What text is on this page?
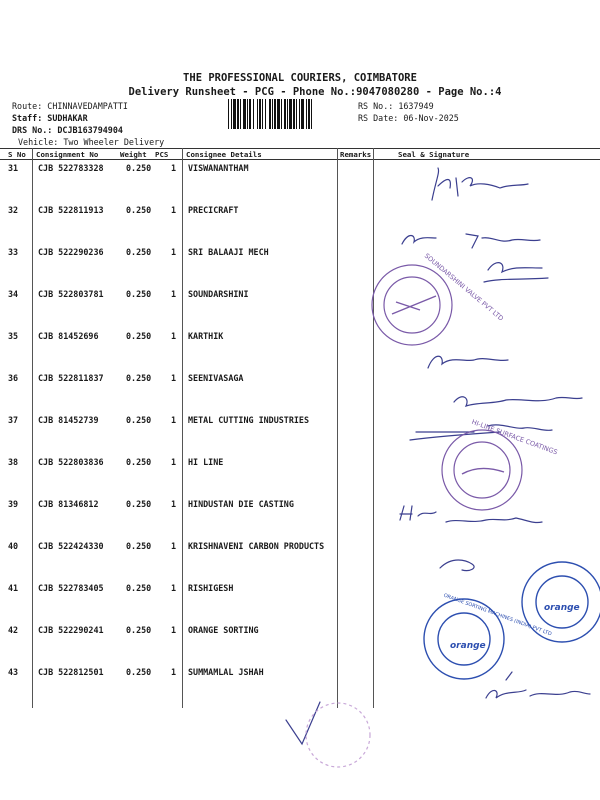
THE PROFESSIONAL COURIERS, COIMBATORE
Delivery Runsheet - PCG - Phone No.:9047080280 - Page No.:4
Route: CHINNAVEDAMPATTI
Staff: SUDHAKAR
DRS No.: DCJB163794904
Vehicle: Two Wheeler Delivery
RS No.: 1637949
RS Date: 06-Nov-2025
S No Consignment No	Weight PCS Consignee Details	Remarks	Seal & Signature
31 CJB 522783328	0.250 1 VISWANANTHAM
32 CJB 522811913	0.250 1 PRECICRAFT
33 CJB 522290236	0.250 1 SRI BALAAJI MECH
34 CJB 522803781	0.250 1 SOUNDARSHINI
35 CJB 81452696	0.250 1 KARTHIK
36 CJB 522811837	0.250 1 SEENIVASAGA
37 CJB 81452739	0.250 1 METAL CUTTING INDUSTRIES
38 CJB 522803836	0.250 1 HI LINE
39 CJB 81346812	0.250 1 HINDUSTAN DIE CASTING
40 CJB 522424330	0.250 1 KRISHNAVENI CARBON PRODUCTS
41 CJB 522783405	0.250 1 RISHIGESH
42 CJB 522290241	0.250 1 ORANGE SORTING
43 CJB 522812501	0.250 1 SUMMAMLAL JSHAH
SOUNDARSHINI VALVE PVT LTD
HI-LINE SURFACE COATINGS
orange
orange
ORANGE SORTING MACHINES (INDIA) PVT LTD
